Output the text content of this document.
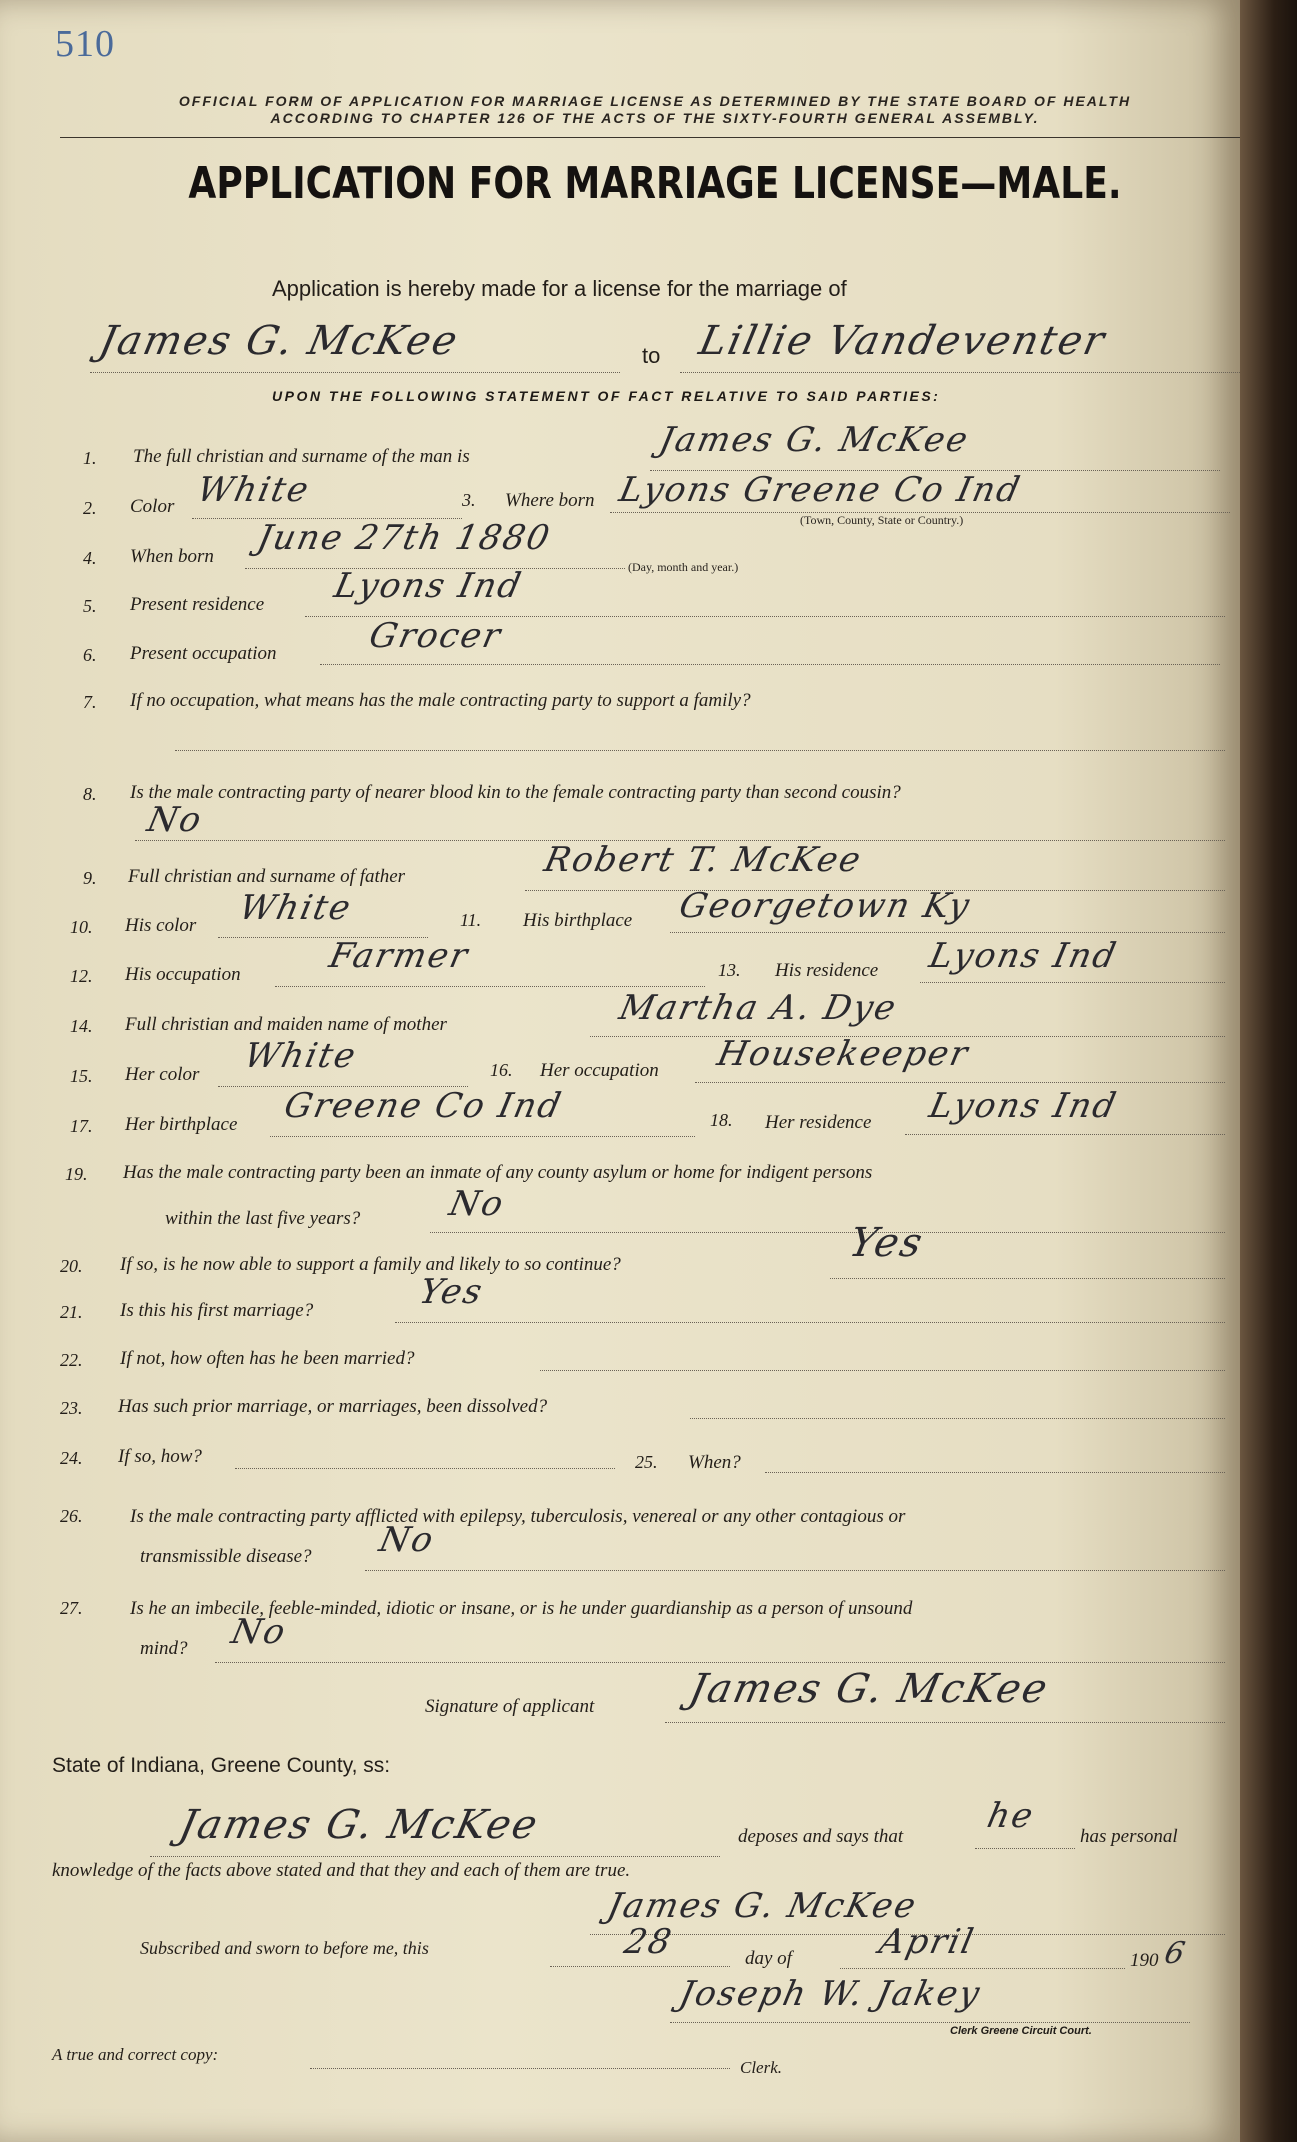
510
OFFICIAL FORM OF APPLICATION FOR MARRIAGE LICENSE AS DETERMINED BY THE STATE BOARD OF HEALTH
ACCORDING TO CHAPTER 126 OF THE ACTS OF THE SIXTY-FOURTH GENERAL ASSEMBLY.
APPLICATION FOR MARRIAGE LICENSE—MALE.
Application is hereby made for a license for the marriage of
James G. McKee	to Lillie Vandeventer
UPON THE FOLLOWING STATEMENT OF FACT RELATIVE TO SAID PARTIES:
1. The full christian and surname of the man is	James G. McKee
2. Color White	3. Where born Lyons Greene Co Ind
(Town, County, State or Country.)
4. When born June 27th 1880
(Day, month and year.)
5. Present residence Lyons Ind
6. Present occupation	Grocer
7. If no occupation, what means has the male contracting party to support a family?
8. Is the male contracting party of nearer blood kin to the female contracting party than second cousin?
No
9. Full christian and surname of father	Robert T. McKee
10. His color White	11. His birthplace Georgetown Ky
12. His occupation	Farmer	13. His residence Lyons Ind
14. Full christian and maiden name of mother	Martha A. Dye
15. Her color White	16. Her occupation Housekeeper
17. Her birthplace Greene Co Ind	18. Her residence Lyons Ind
19. Has the male contracting party been an inmate of any county asylum or home for indigent persons
within the last five years?	No
20. If so, is he now able to support a family and likely to so continue?	Yes
21. Is this his first marriage?	Yes
22. If not, how often has he been married?
23. Has such prior marriage, or marriages, been dissolved?
24. If so, how?	25. When?
26.	Is the male contracting party afflicted with epilepsy, tuberculosis, venereal or any other contagious or
transmissible disease? No
27.	Is he an imbecile, feeble-minded, idiotic or insane, or is he under guardianship as a person of unsound
mind? No
Signature of applicant James G. McKee
State of Indiana, Greene County, ss:
James G. McKee	deposes and says that
he
has personal
knowledge of the facts above stated and that they and each of them are true.
James G. McKee
Subscribed and sworn to before me, this	28	day of April	190 6
Joseph W. Jakey
Clerk Greene Circuit Court.
A true and correct copy:
Clerk.
